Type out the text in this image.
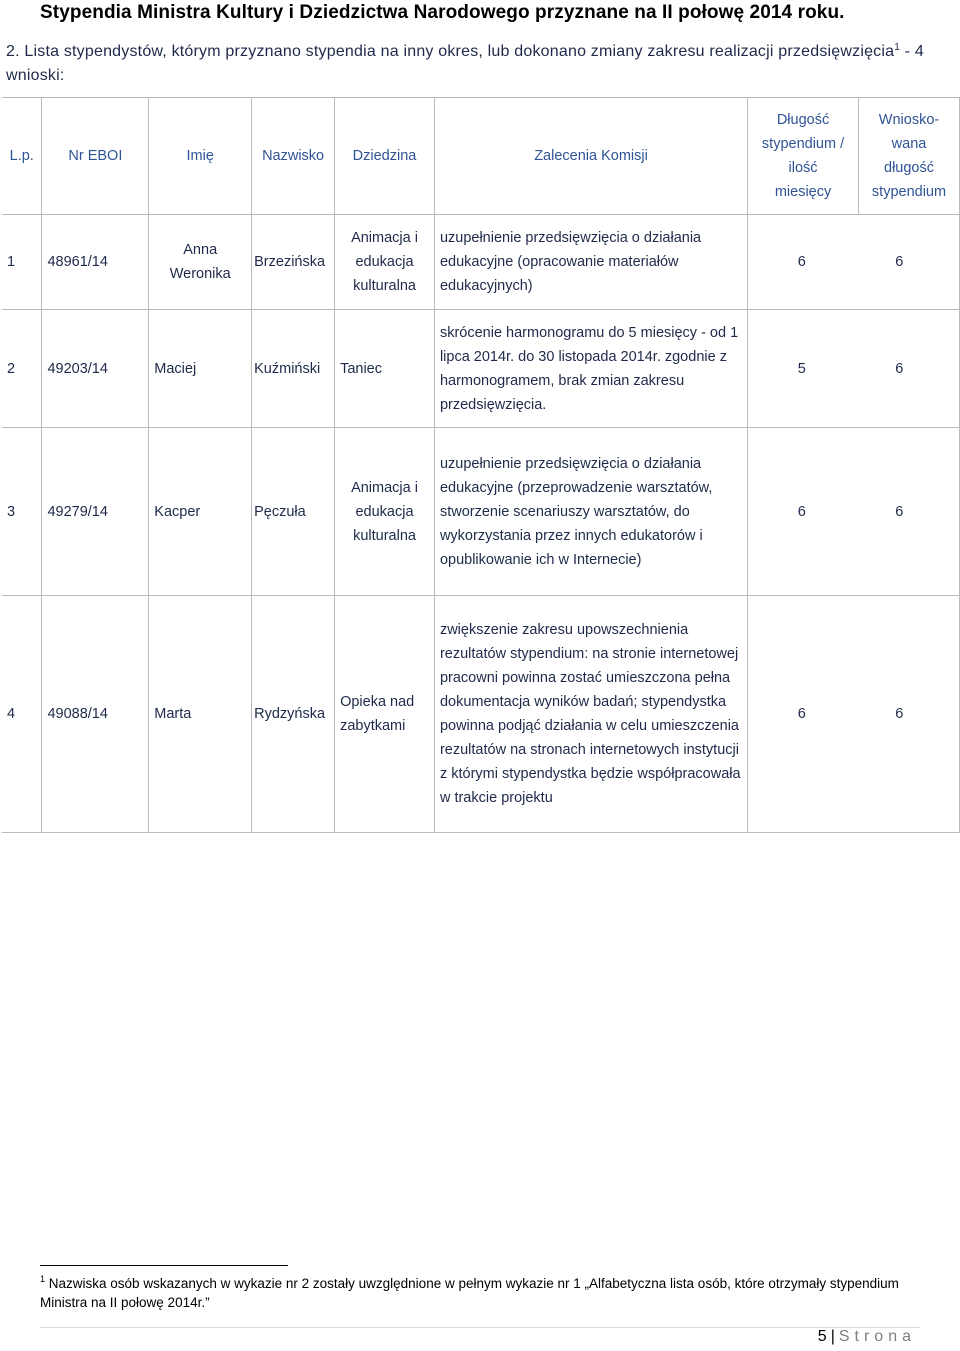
Stypendia Ministra Kultury i Dziedzictwa Narodowego przyznane na II połowę 2014 roku.
2. Lista stypendystów, którym przyznano stypendia na inny okres, lub dokonano zmiany zakresu realizacji przedsięwzięcia$^1$ - 4 wnioski:
L.p.	Nr EBOI	Imię	Nazwisko	Dziedzina	Zalecenia Komisji	Długość stypendium / ilość miesięcy	Wniosko-wana długość stypendium
1	48961/14	Anna Weronika	Brzezińska	Animacja i edukacja kulturalna	uzupełnienie przedsięwzięcia o działania edukacyjne (opracowanie materiałów edukacyjnych)	6 6	

2	49203/14	Maciej	Kuźmiński	Taniec	skrócenie harmonogramu do 5 miesięcy - od 1 lipca 2014r. do 30 listopada 2014r. zgodnie z harmonogramem, brak zmian zakresu przedsięwzięcia.	5 6	

3	49279/14	Kacper	Pęczuła	Animacja i edukacja kulturalna	uzupełnienie przedsięwzięcia o działania edukacyjne (przeprowadzenie warsztatów, stworzenie scenariuszy warsztatów, do wykorzystania przez innych edukatorów i opublikowanie ich w Internecie)	6 6	

4	49088/14	Marta	Rydzyńska	Opieka nad zabytkami	zwiększenie zakresu upowszechnienia rezultatów stypendium: na stronie internetowej pracowni powinna zostać umieszczona pełna dokumentacja wyników badań; stypendystka powinna podjąć działania w celu umieszczenia rezultatów na stronach internetowych instytucji z którymi stypendystka będzie współpracowała w trakcie projektu	6 6	
$^1$ Nazwiska osób wskazanych w wykazie nr 2 zostały uwzględnione w pełnym wykazie nr 1 „Alfabetyczna lista osób, które otrzymały stypendium Ministra na II połowę 2014r.”
5 | Strona
